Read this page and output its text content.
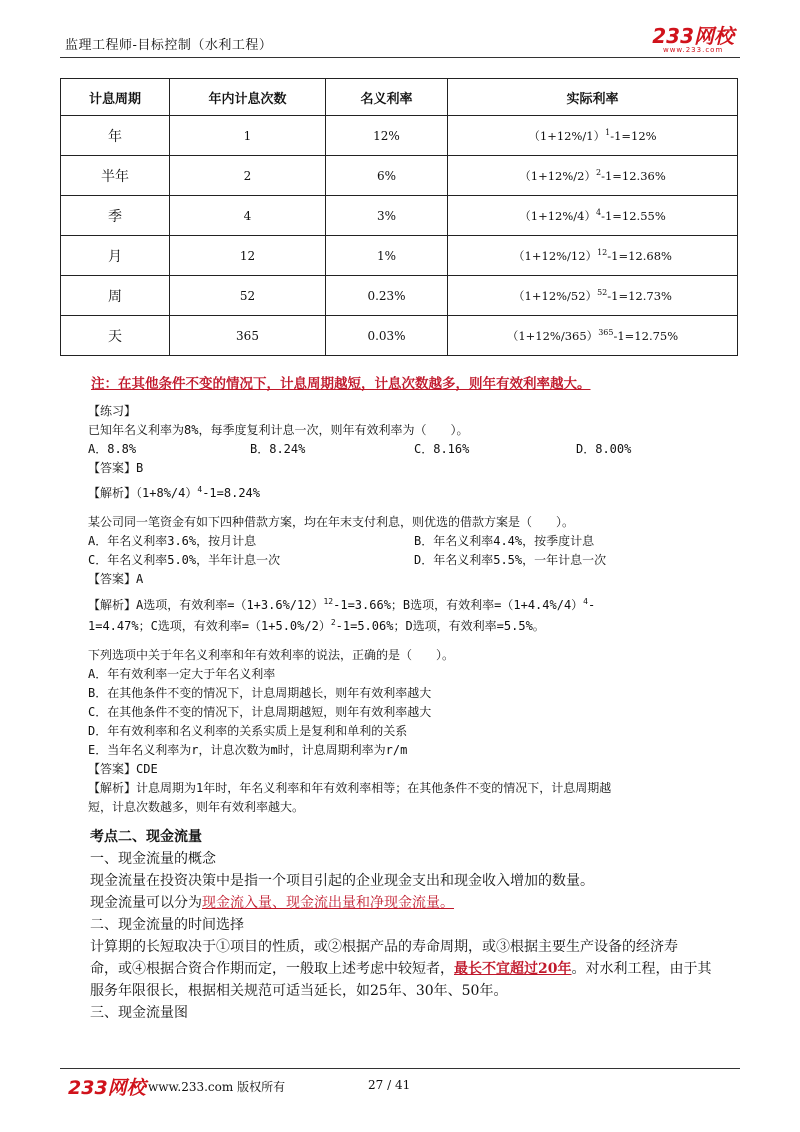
监理工程师-目标控制（水利工程）	233网校
www.233.com
计息周期	年内计息次数	名义利率	实际利率
年	1	12%	$(1+12\%/1)^1-1=12\%$
半年	2	6%	$(1+12\%/2)^2-1=12.36\%$
季	4	3%	$(1+12\%/4)^4-1=12.55\%$
月	12	1%	$(1+12\%/12)^{12}-1=12.68\%$
周	52	0.23%	$(1+12\%/52)^{52}-1=12.73\%$
天	365	0.03%	$(1+12\%/365)^{365}-1=12.75\%$
注：在其他条件不变的情况下，计息周期越短，计息次数越多，则年有效利率越大。
【练习】
已知年名义利率为8%，每季度复利计息一次，则年有效利率为（　　）。
A．8.8%	B．8.24%	C．8.16%	D．8.00%
【答案】B
【解析】$(1+8\%/4)^4-1=8.24\%$
某公司同一笔资金有如下四种借款方案，均在年末支付利息，则优选的借款方案是（　　）。
A．年名义利率3.6%，按月计息	B．年名义利率4.4%，按季度计息
C．年名义利率5.0%，半年计息一次	D．年名义利率5.5%，一年计息一次
【答案】A
【解析】A选项，有效利率$=(1+3.6\%/12)^{12}-1=3.66\%$；B选项，有效利率$=(1+4.4\%/4)^4-$
1=4.47%；C选项，有效利率$=(1+5.0\%/2)^2-1=5.06\%$；D选项，有效利率=5.5%。
下列选项中关于年名义利率和年有效利率的说法，正确的是（　　）。
A．年有效利率一定大于年名义利率
B．在其他条件不变的情况下，计息周期越长，则年有效利率越大
C．在其他条件不变的情况下，计息周期越短，则年有效利率越大
D．年有效利率和名义利率的关系实质上是复利和单利的关系
E．当年名义利率为r，计息次数为m时，计息周期利率为r/m
【答案】CDE
【解析】计息周期为1年时，年名义利率和年有效利率相等；在其他条件不变的情况下，计息周期越
短，计息次数越多，则年有效利率越大。
考点二、现金流量
一、现金流量的概念
现金流量在投资决策中是指一个项目引起的企业现金支出和现金收入增加的数量。
现金流量可以分为现金流入量、现金流出量和净现金流量。
二、现金流量的时间选择
计算期的长短取决于①项目的性质，或②根据产品的寿命周期，或③根据主要生产设备的经济寿
命，或④根据合资合作期而定，一般取上述考虑中较短者，最长不宜超过20年。对水利工程，由于其
服务年限很长，根据相关规范可适当延长，如25年、30年、50年。
三、现金流量图
233网校 www.233.com 版权所有	27 / 41
